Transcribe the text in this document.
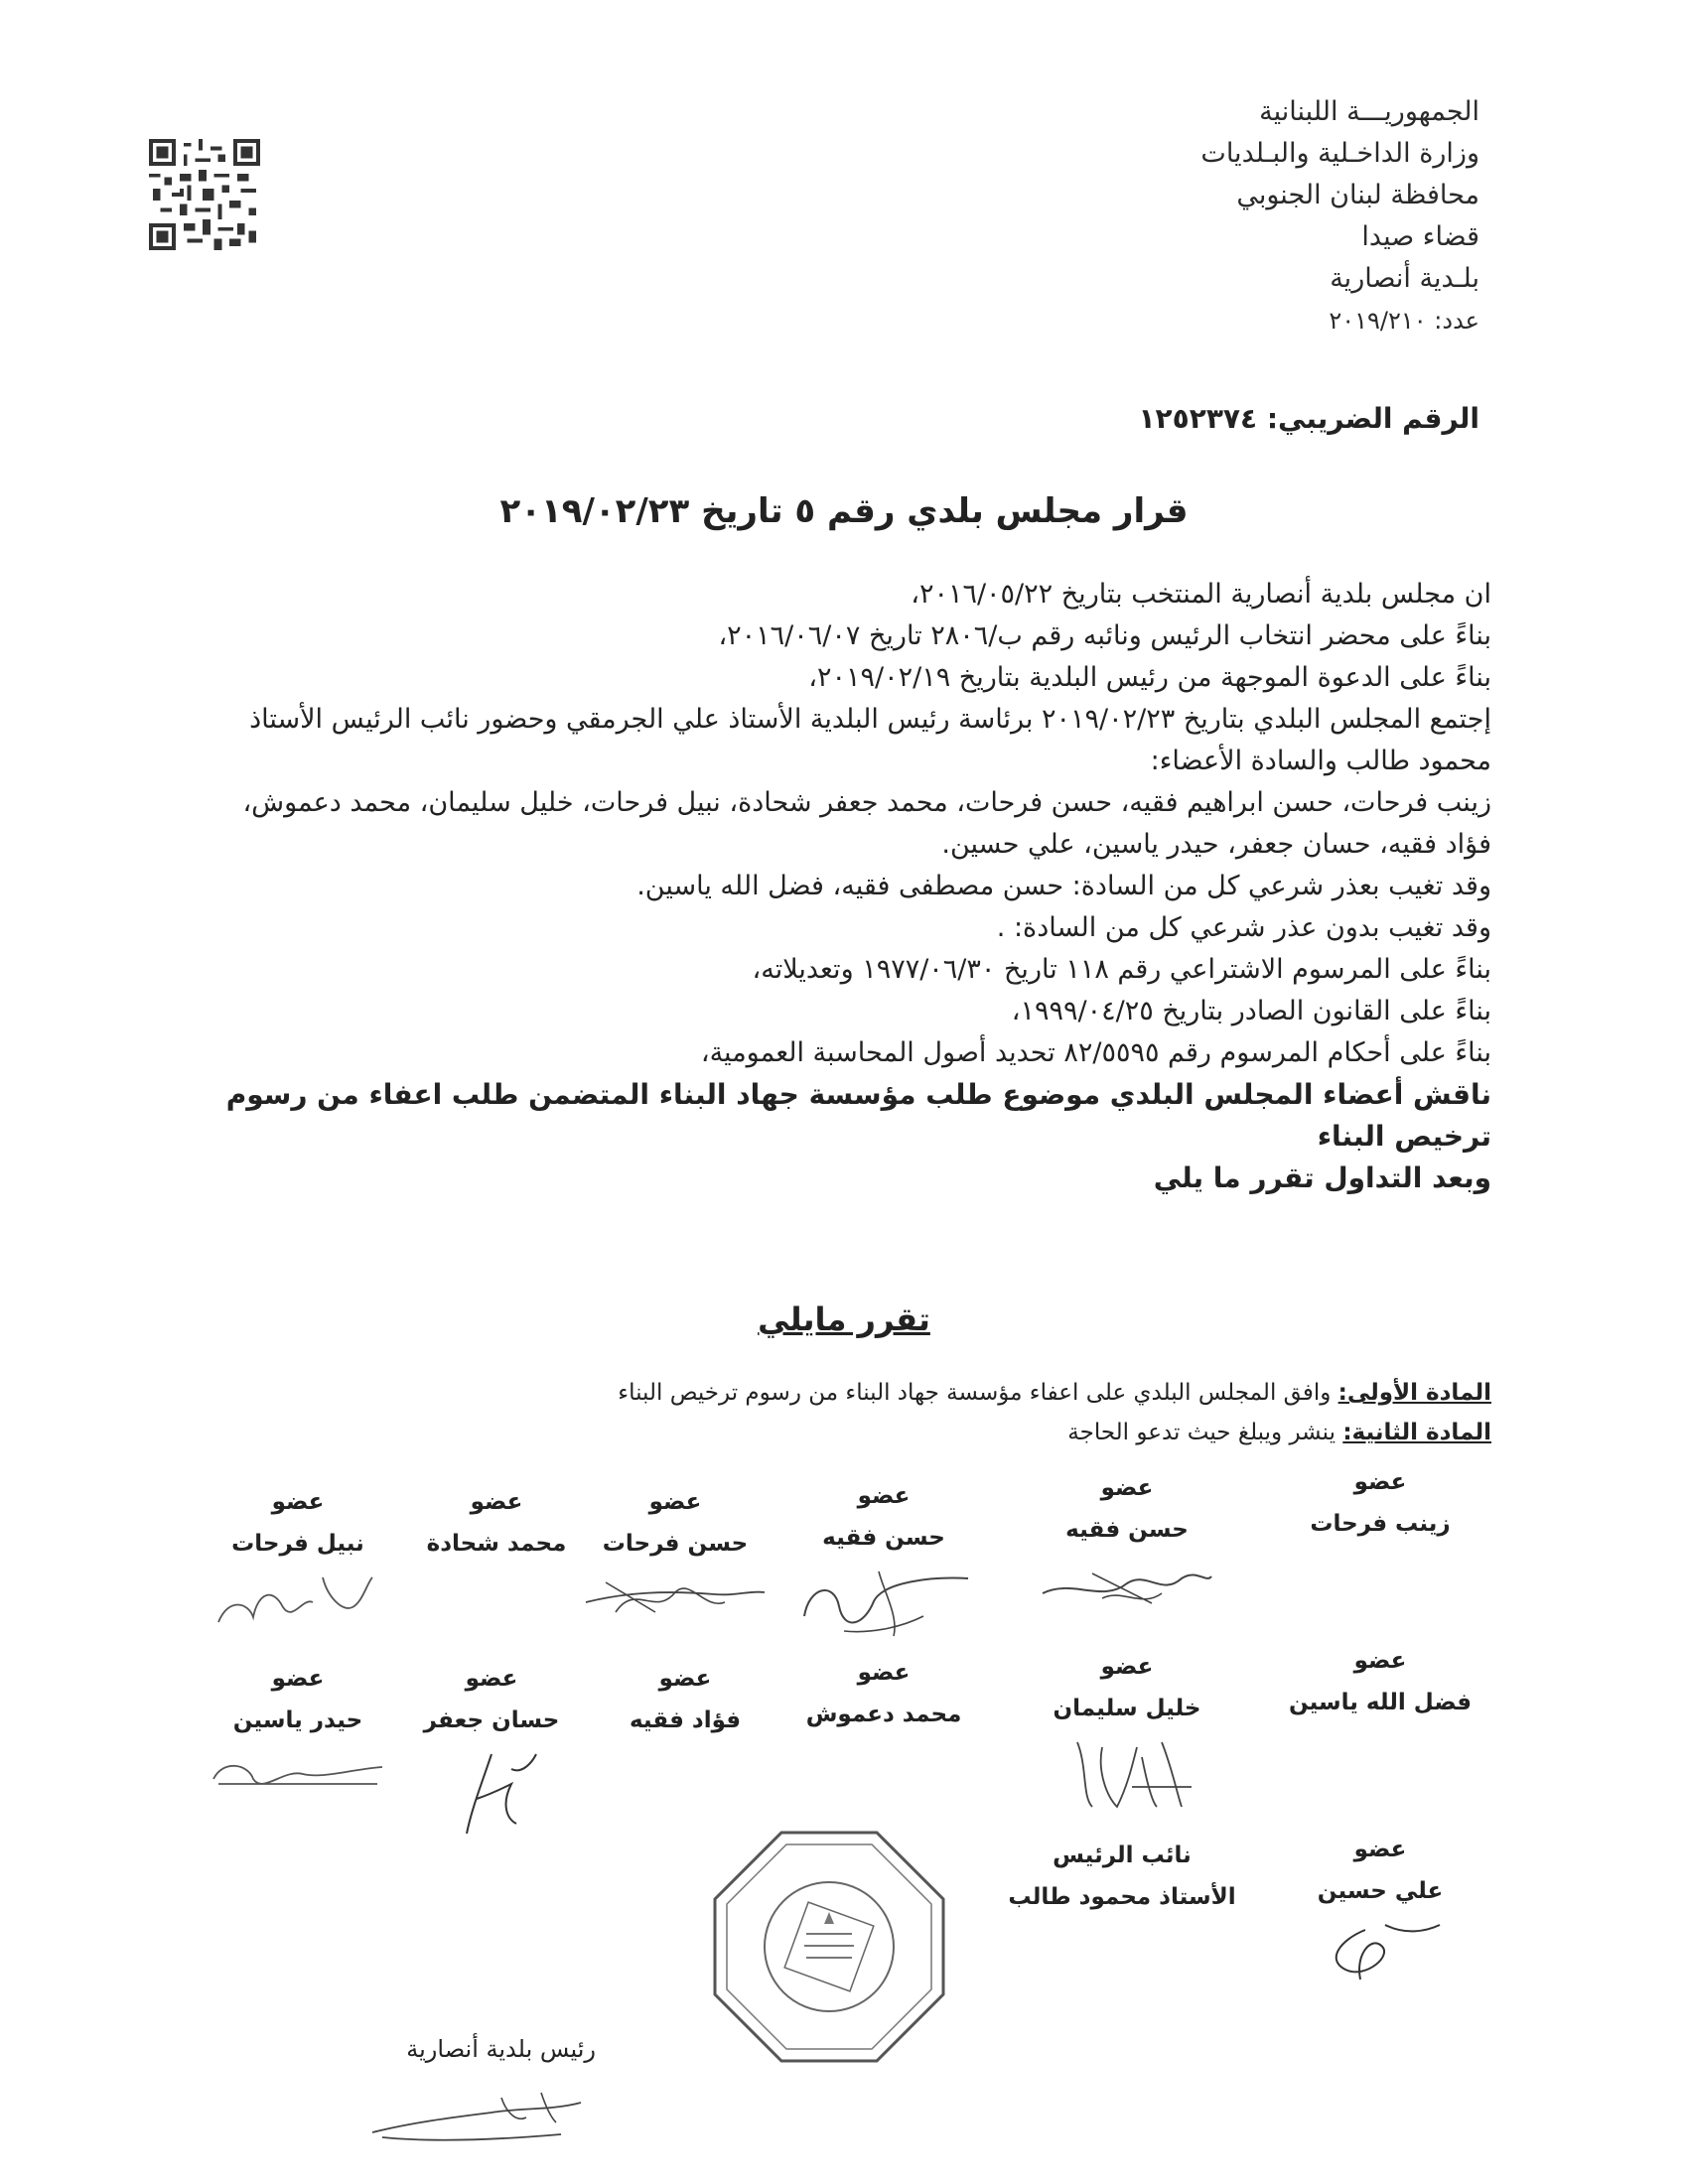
الجمهوريـــة اللبنانية
وزارة الداخـلية والبـلديات
محافظة لبنان الجنوبي
قضاء صيدا
بلـدية أنصارية
عدد: ٢٠١٩/٢١٠
الرقم الضريبي: ١٢٥٢٣٧٤
قرار مجلس بلدي رقم ٥ تاريخ ٢٠١٩/٠٢/٢٣

ان مجلس بلدية أنصارية المنتخب بتاريخ ٢٠١٦/٠٥/٢٢،

بناءً على محضر انتخاب الرئيس ونائبه رقم ب/٢٨٠٦ تاريخ ٢٠١٦/٠٦/٠٧،

بناءً على الدعوة الموجهة من رئيس البلدية بتاريخ ٢٠١٩/٠٢/١٩،

إجتمع المجلس البلدي بتاريخ ٢٠١٩/٠٢/٢٣ برئاسة رئيس البلدية الأستاذ علي الجرمقي وحضور نائب الرئيس الأستاذ محمود طالب والسادة الأعضاء:

زينب فرحات، حسن ابراهيم فقيه، حسن فرحات، محمد جعفر شحادة، نبيل فرحات، خليل سليمان، محمد دعموش، فؤاد فقيه، حسان جعفر، حيدر ياسين، علي حسين.

وقد تغيب بعذر شرعي كل من السادة: حسن مصطفى فقيه، فضل الله ياسين.

وقد تغيب بدون عذر شرعي كل من السادة: .

بناءً على المرسوم الاشتراعي رقم ١١٨ تاريخ ١٩٧٧/٠٦/٣٠ وتعديلاته،

بناءً على القانون الصادر بتاريخ ١٩٩٩/٠٤/٢٥،

بناءً على أحكام المرسوم رقم ٨٢/٥٥٩٥ تحديد أصول المحاسبة العمومية،

ناقش أعضاء المجلس البلدي موضوع طلب مؤسسة جهاد البناء المتضمن طلب اعفاء من رسوم ترخيص البناء

وبعد التداول تقرر ما يلي

تقرر مايلي
المادة الأولى: وافق المجلس البلدي على اعفاء مؤسسة جهاد البناء من رسوم ترخيص البناء
المادة الثانية: ينشر ويبلغ حيث تدعو الحاجة
عضو
زينب فرحات
عضو
حسن فقيه
عضو
حسن فقيه
عضو
حسن فرحات
عضو
محمد شحادة
عضو
نبيل فرحات
عضو
فضل الله ياسين
عضو
خليل سليمان
عضو
محمد دعموش
عضو
فؤاد فقيه
عضو
حسان جعفر
عضو
حيدر ياسين
عضو
علي حسين
نائب الرئيس
الأستاذ محمود طالب
رئيس بلدية أنصارية
